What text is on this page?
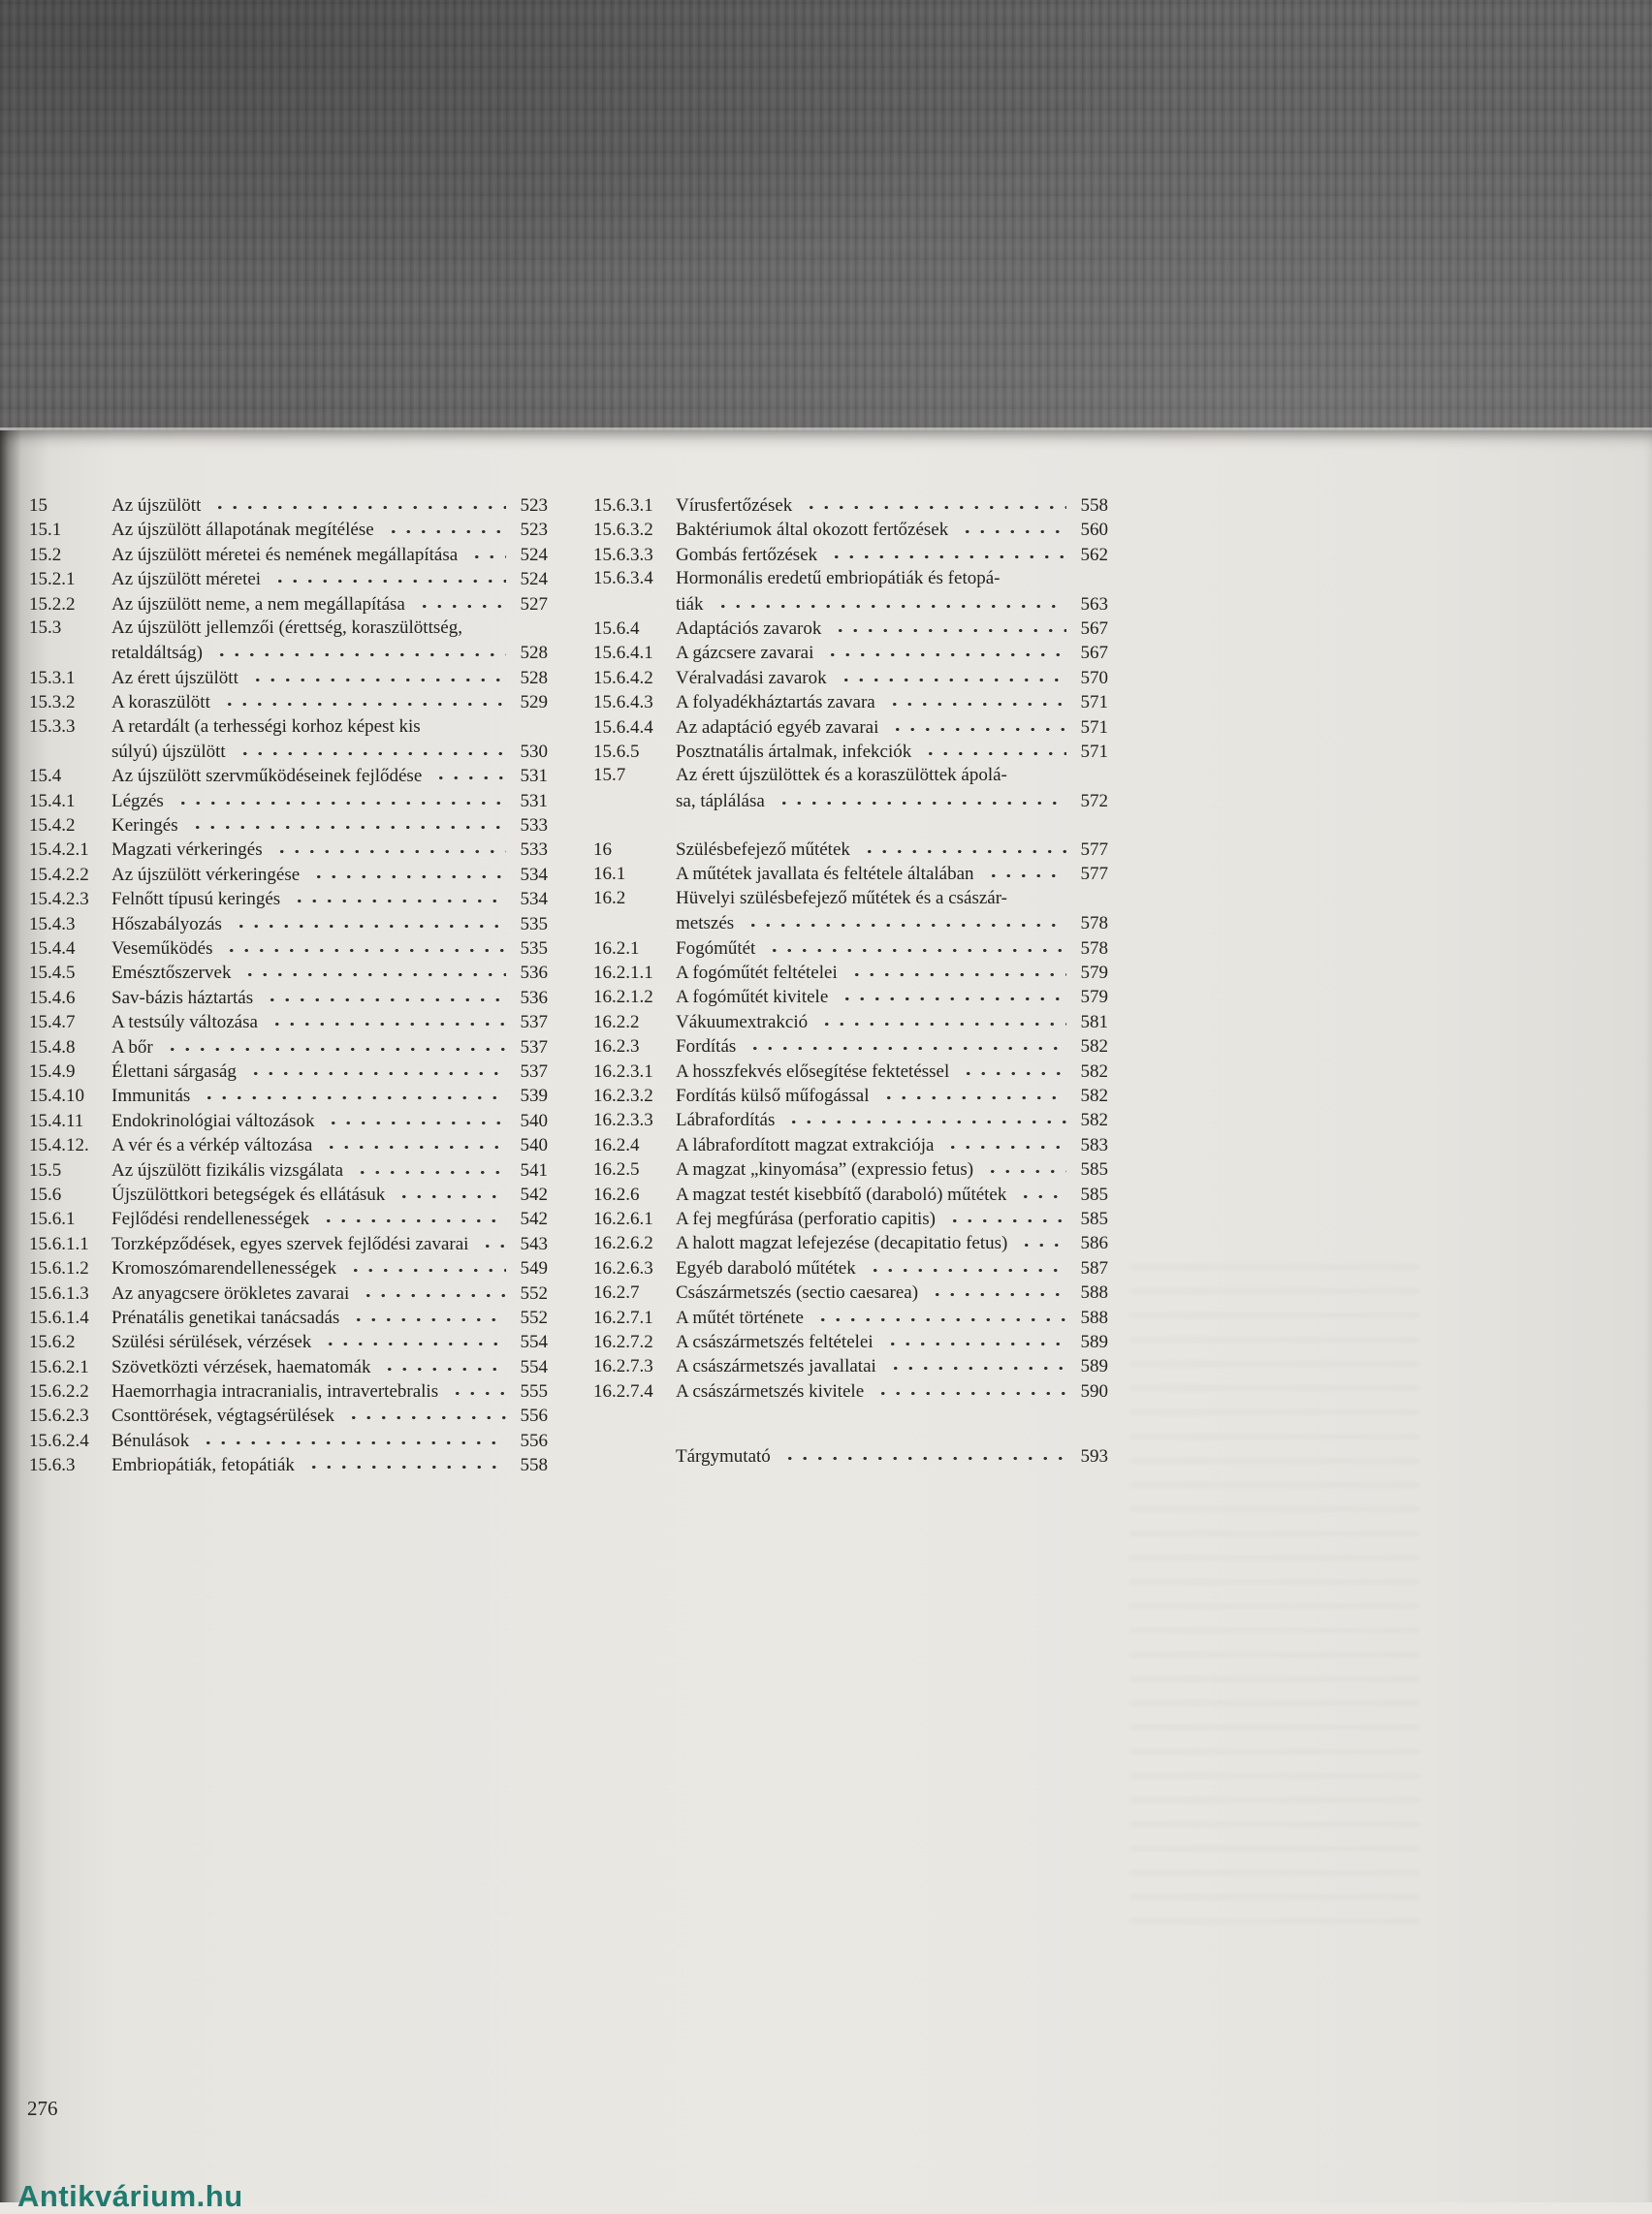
15	Az újszülött	523
15.1	Az újszülött állapotának megítélése	523
15.2	Az újszülött méretei és nemének megállapítása	524
15.2.1	Az újszülött méretei	524
15.2.2	Az újszülött neme, a nem megállapítása	527
15.3	Az újszülött jellemzői (érettség, koraszülöttség,
retaldáltság)	528
15.3.1	Az érett újszülött	528
15.3.2	A koraszülött	529
15.3.3	A retardált (a terhességi korhoz képest kis
súlyú) újszülött	530
15.4	Az újszülött szervműködéseinek fejlődése	531
15.4.1	Légzés	531
15.4.2	Keringés	533
15.4.2.1	Magzati vérkeringés	533
15.4.2.2	Az újszülött vérkeringése	534
15.4.2.3	Felnőtt típusú keringés	534
15.4.3	Hőszabályozás	535
15.4.4	Veseműködés	535
15.4.5	Emésztőszervek	536
15.4.6	Sav-bázis háztartás	536
15.4.7	A testsúly változása	537
15.4.8	A bőr	537
15.4.9	Élettani sárgaság	537
15.4.10	Immunitás	539
15.4.11	Endokrinológiai változások	540
15.4.12.	A vér és a vérkép változása	540
15.5	Az újszülött fizikális vizsgálata	541
15.6	Újszülöttkori betegségek és ellátásuk	542
15.6.1	Fejlődési rendellenességek	542
15.6.1.1	Torzképződések, egyes szervek fejlődési zavarai	543
15.6.1.2	Kromoszómarendellenességek	549
15.6.1.3	Az anyagcsere örökletes zavarai	552
15.6.1.4	Prénatális genetikai tanácsadás	552
15.6.2	Szülési sérülések, vérzések	554
15.6.2.1	Szövetközti vérzések, haematomák	554
15.6.2.2	Haemorrhagia intracranialis, intravertebralis	555
15.6.2.3	Csonttörések, végtagsérülések	556
15.6.2.4	Bénulások	556
15.6.3	Embriopátiák, fetopátiák	558
15.6.3.1	Vírusfertőzések	558
15.6.3.2	Baktériumok által okozott fertőzések	560
15.6.3.3	Gombás fertőzések	562
15.6.3.4	Hormonális eredetű embriopátiák és fetopá-
tiák	563
15.6.4	Adaptációs zavarok	567
15.6.4.1	A gázcsere zavarai	567
15.6.4.2	Véralvadási zavarok	570
15.6.4.3	A folyadékháztartás zavara	571
15.6.4.4	Az adaptáció egyéb zavarai	571
15.6.5	Posztnatális ártalmak, infekciók	571
15.7	Az érett újszülöttek és a koraszülöttek ápolá-
sa, táplálása	572
16	Szülésbefejező műtétek	577
16.1	A műtétek javallata és feltétele általában	577
16.2	Hüvelyi szülésbefejező műtétek és a császár-
metszés	578
16.2.1	Fogóműtét	578
16.2.1.1	A fogóműtét feltételei	579
16.2.1.2	A fogóműtét kivitele	579
16.2.2	Vákuumextrakció	581
16.2.3	Fordítás	582
16.2.3.1	A hosszfekvés elősegítése fektetéssel	582
16.2.3.2	Fordítás külső műfogással	582
16.2.3.3	Lábrafordítás	582
16.2.4	A lábrafordított magzat extrakciója	583
16.2.5	A magzat „kinyomása” (expressio fetus)	585
16.2.6	A magzat testét kisebbítő (daraboló) műtétek	585
16.2.6.1	A fej megfúrása (perforatio capitis)	585
16.2.6.2	A halott magzat lefejezése (decapitatio fetus)	586
16.2.6.3	Egyéb daraboló műtétek	587
16.2.7	Császármetszés (sectio caesarea)	588
16.2.7.1	A műtét története	588
16.2.7.2	A császármetszés feltételei	589
16.2.7.3	A császármetszés javallatai	589
16.2.7.4	A császármetszés kivitele	590
Tárgymutató	593
276
Antikvárium.hu
